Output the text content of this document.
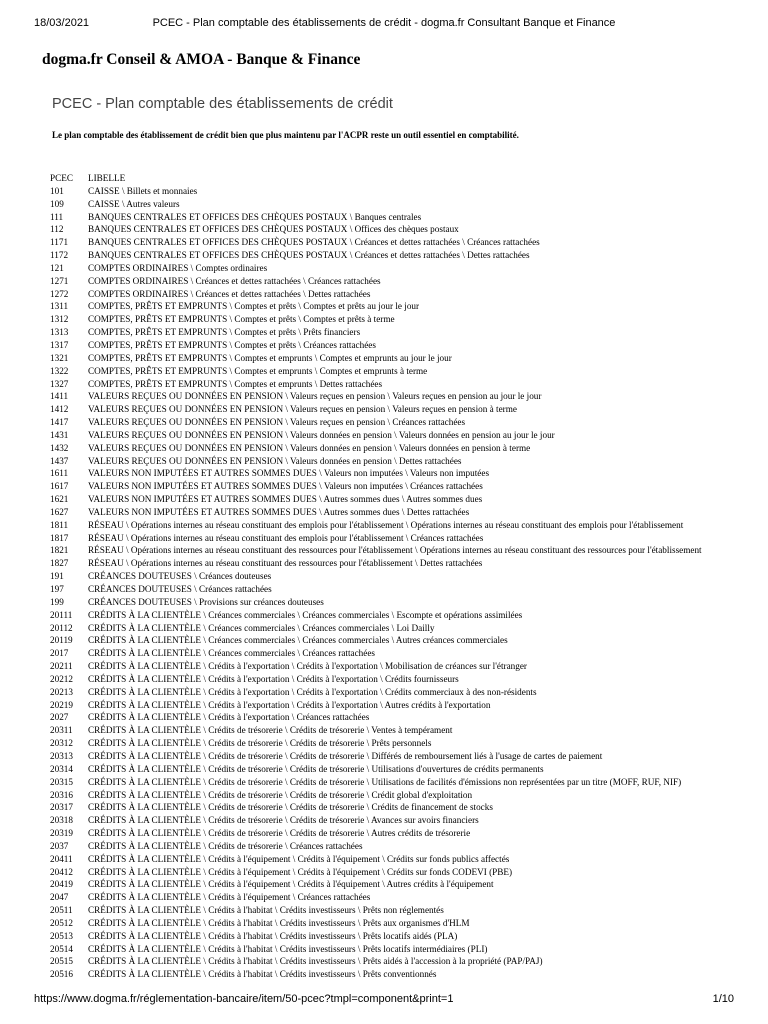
18/03/2021	PCEC - Plan comptable des établissements de crédit - dogma.fr Consultant Banque et Finance
dogma.fr Conseil & AMOA - Banque & Finance
PCEC - Plan comptable des établissements de crédit
Le plan comptable des établissement de crédit bien que plus maintenu par l'ACPR reste un outil essentiel en comptabilité.
PCEC LIBELLE
101	CAISSE \ Billets et monnaies
109	CAISSE \ Autres valeurs
111	BANQUES CENTRALES ET OFFICES DES CHÈQUES POSTAUX \ Banques centrales
112	BANQUES CENTRALES ET OFFICES DES CHÈQUES POSTAUX \ Offices des chèques postaux
1171 BANQUES CENTRALES ET OFFICES DES CHÈQUES POSTAUX \ Créances et dettes rattachées \ Créances rattachées
1172 BANQUES CENTRALES ET OFFICES DES CHÈQUES POSTAUX \ Créances et dettes rattachées \ Dettes rattachées
121	COMPTES ORDINAIRES \ Comptes ordinaires
1271 COMPTES ORDINAIRES \ Créances et dettes rattachées \ Créances rattachées
1272 COMPTES ORDINAIRES \ Créances et dettes rattachées \ Dettes rattachées
1311 COMPTES, PRÊTS ET EMPRUNTS \ Comptes et prêts \ Comptes et prêts au jour le jour
1312 COMPTES, PRÊTS ET EMPRUNTS \ Comptes et prêts \ Comptes et prêts à terme
1313 COMPTES, PRÊTS ET EMPRUNTS \ Comptes et prêts \ Prêts financiers
1317 COMPTES, PRÊTS ET EMPRUNTS \ Comptes et prêts \ Créances rattachées
1321 COMPTES, PRÊTS ET EMPRUNTS \ Comptes et emprunts \ Comptes et emprunts au jour le jour
1322 COMPTES, PRÊTS ET EMPRUNTS \ Comptes et emprunts \ Comptes et emprunts à terme
1327 COMPTES, PRÊTS ET EMPRUNTS \ Comptes et emprunts \ Dettes rattachées
1411 VALEURS REÇUES OU DONNÉES EN PENSION \ Valeurs reçues en pension \ Valeurs reçues en pension au jour le jour
1412 VALEURS REÇUES OU DONNÉES EN PENSION \ Valeurs reçues en pension \ Valeurs reçues en pension à terme
1417 VALEURS REÇUES OU DONNÉES EN PENSION \ Valeurs reçues en pension \ Créances rattachées
1431 VALEURS REÇUES OU DONNÉES EN PENSION \ Valeurs données en pension \ Valeurs données en pension au jour le jour
1432 VALEURS REÇUES OU DONNÉES EN PENSION \ Valeurs données en pension \ Valeurs données en pension à terme
1437 VALEURS REÇUES OU DONNÉES EN PENSION \ Valeurs données en pension \ Dettes rattachées
1611 VALEURS NON IMPUTÉES ET AUTRES SOMMES DUES \ Valeurs non imputées \ Valeurs non imputées
1617 VALEURS NON IMPUTÉES ET AUTRES SOMMES DUES \ Valeurs non imputées \ Créances rattachées
1621 VALEURS NON IMPUTÉES ET AUTRES SOMMES DUES \ Autres sommes dues \ Autres sommes dues
1627 VALEURS NON IMPUTÉES ET AUTRES SOMMES DUES \ Autres sommes dues \ Dettes rattachées
1811 RÉSEAU \ Opérations internes au réseau constituant des emplois pour l'établissement \ Opérations internes au réseau constituant des emplois pour l'établissement
1817 RÉSEAU \ Opérations internes au réseau constituant des emplois pour l'établissement \ Créances rattachées
1821 RÉSEAU \ Opérations internes au réseau constituant des ressources pour l'établissement \ Opérations internes au réseau constituant des ressources pour l'établissement
1827 RÉSEAU \ Opérations internes au réseau constituant des ressources pour l'établissement \ Dettes rattachées
191	CRÉANCES DOUTEUSES \ Créances douteuses
197	CRÉANCES DOUTEUSES \ Créances rattachées
199	CRÉANCES DOUTEUSES \ Provisions sur créances douteuses
20111 CRÉDITS À LA CLIENTÈLE \ Créances commerciales \ Créances commerciales \ Escompte et opérations assimilées
20112 CRÉDITS À LA CLIENTÈLE \ Créances commerciales \ Créances commerciales \ Loi Dailly
20119 CRÉDITS À LA CLIENTÈLE \ Créances commerciales \ Créances commerciales \ Autres créances commerciales
2017 CRÉDITS À LA CLIENTÈLE \ Créances commerciales \ Créances rattachées
20211 CRÉDITS À LA CLIENTÈLE \ Crédits à l'exportation \ Crédits à l'exportation \ Mobilisation de créances sur l'étranger
20212 CRÉDITS À LA CLIENTÈLE \ Crédits à l'exportation \ Crédits à l'exportation \ Crédits fournisseurs
20213 CRÉDITS À LA CLIENTÈLE \ Crédits à l'exportation \ Crédits à l'exportation \ Crédits commerciaux à des non-résidents
20219 CRÉDITS À LA CLIENTÈLE \ Crédits à l'exportation \ Crédits à l'exportation \ Autres crédits à l'exportation
2027 CRÉDITS À LA CLIENTÈLE \ Crédits à l'exportation \ Créances rattachées
20311 CRÉDITS À LA CLIENTÈLE \ Crédits de trésorerie \ Crédits de trésorerie \ Ventes à tempérament
20312 CRÉDITS À LA CLIENTÈLE \ Crédits de trésorerie \ Crédits de trésorerie \ Prêts personnels
20313 CRÉDITS À LA CLIENTÈLE \ Crédits de trésorerie \ Crédits de trésorerie \ Différés de remboursement liés à l'usage de cartes de paiement
20314 CRÉDITS À LA CLIENTÈLE \ Crédits de trésorerie \ Crédits de trésorerie \ Utilisations d'ouvertures de crédits permanents
20315 CRÉDITS À LA CLIENTÈLE \ Crédits de trésorerie \ Crédits de trésorerie \ Utilisations de facilités d'émissions non représentées par un titre (MOFF, RUF, NIF)
20316 CRÉDITS À LA CLIENTÈLE \ Crédits de trésorerie \ Crédits de trésorerie \ Crédit global d'exploitation
20317 CRÉDITS À LA CLIENTÈLE \ Crédits de trésorerie \ Crédits de trésorerie \ Crédits de financement de stocks
20318 CRÉDITS À LA CLIENTÈLE \ Crédits de trésorerie \ Crédits de trésorerie \ Avances sur avoirs financiers
20319 CRÉDITS À LA CLIENTÈLE \ Crédits de trésorerie \ Crédits de trésorerie \ Autres crédits de trésorerie
2037 CRÉDITS À LA CLIENTÈLE \ Crédits de trésorerie \ Créances rattachées
20411 CRÉDITS À LA CLIENTÈLE \ Crédits à l'équipement \ Crédits à l'équipement \ Crédits sur fonds publics affectés
20412 CRÉDITS À LA CLIENTÈLE \ Crédits à l'équipement \ Crédits à l'équipement \ Crédits sur fonds CODEVI (PBE)
20419 CRÉDITS À LA CLIENTÈLE \ Crédits à l'équipement \ Crédits à l'équipement \ Autres crédits à l'équipement
2047 CRÉDITS À LA CLIENTÈLE \ Crédits à l'équipement \ Créances rattachées
20511 CRÉDITS À LA CLIENTÈLE \ Crédits à l'habitat \ Crédits investisseurs \ Prêts non réglementés
20512 CRÉDITS À LA CLIENTÈLE \ Crédits à l'habitat \ Crédits investisseurs \ Prêts aux organismes d'HLM
20513 CRÉDITS À LA CLIENTÈLE \ Crédits à l'habitat \ Crédits investisseurs \ Prêts locatifs aidés (PLA)
20514 CRÉDITS À LA CLIENTÈLE \ Crédits à l'habitat \ Crédits investisseurs \ Prêts locatifs intermédiaires (PLI)
20515 CRÉDITS À LA CLIENTÈLE \ Crédits à l'habitat \ Crédits investisseurs \ Prêts aidés à l'accession à la propriété (PAP/PAJ)
20516 CRÉDITS À LA CLIENTÈLE \ Crédits à l'habitat \ Crédits investisseurs \ Prêts conventionnés
https://www.dogma.fr/réglementation-bancaire/item/50-pcec?tmpl=component&print=1	1/10
